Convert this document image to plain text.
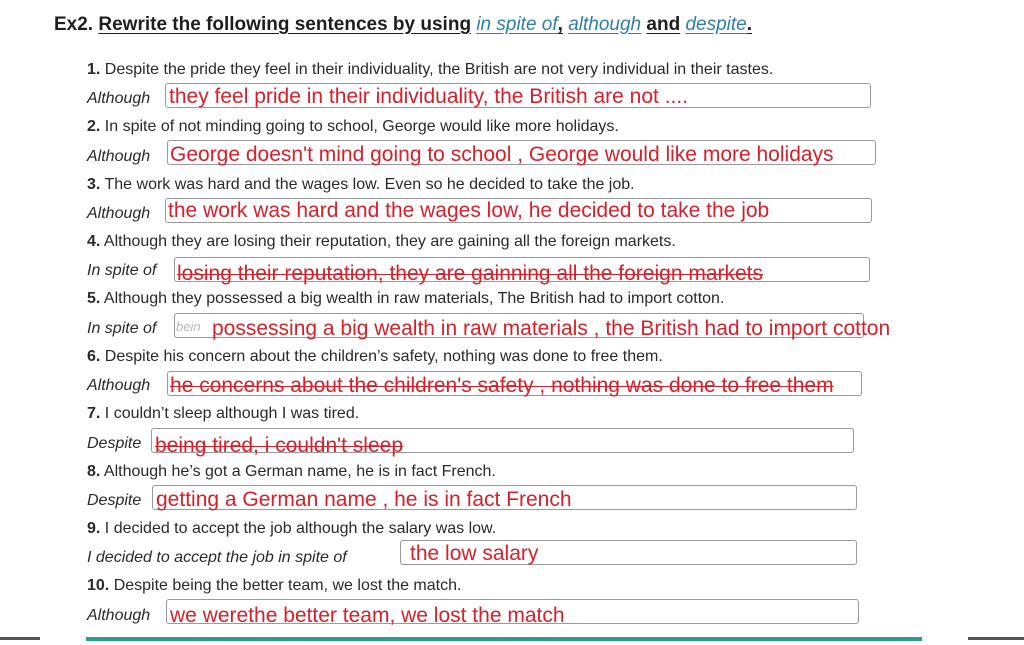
Ex2. Rewrite the following sentences by using in spite of, although and despite.
1. Despite the pride they feel in their individuality, the British are not very individual in their tastes.
Although they feel pride in their individuality, the British are not ....
2. In spite of not minding going to school, George would like more holidays.
Although George doesn't mind going to school , George would like more holidays
3. The work was hard and the wages low. Even so he decided to take the job.
Although the work was hard and the wages low, he decided to take the job
4. Although they are losing their reputation, they are gaining all the foreign markets.
In spite of losing their reputation, they are gainning all the foreign markets
5. Although they possessed a big wealth in raw materials, The British had to import cotton.
In spite of bein possessing a big wealth in raw materials , the British had to import cotton
6. Despite his concern about the children’s safety, nothing was done to free them.
Although he concerns about the children's safety , nothing was done to free them
7. I couldn’t sleep although I was tired.
Despite being tired, i couldn't sleep
8. Although he’s got a German name, he is in fact French.
Despite getting a German name , he is in fact French
9. I decided to accept the job although the salary was low.
I decided to accept the job in spite of	the low salary
10. Despite being the better team, we lost the match.
Although we werethe better team, we lost the match
